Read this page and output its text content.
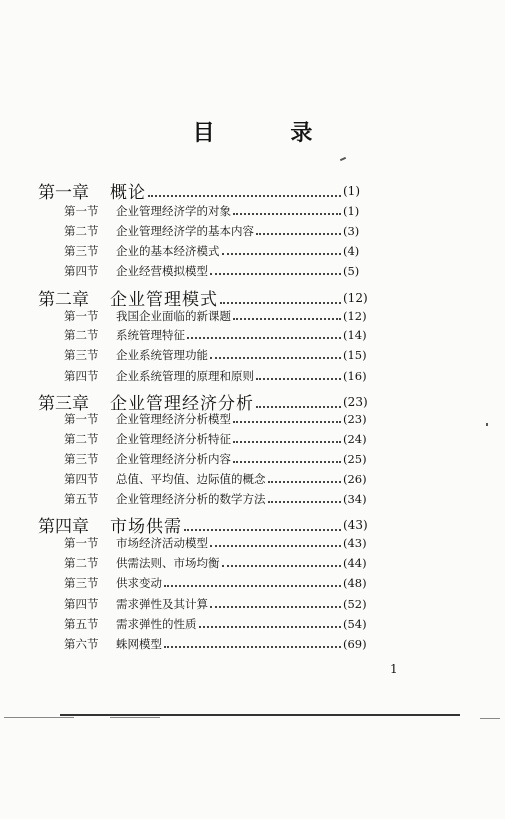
目 录
第一章	概论	(1)
第一节	企业管理经济学的对象	(1)
第二节	企业管理经济学的基本内容	(3)
第三节	企业的基本经济模式	(4)
第四节	企业经营模拟模型	(5)
第二章	企业管理模式	(12)
第一节	我国企业面临的新课题	(12)
第二节	系统管理特征	(14)
第三节	企业系统管理功能	(15)
第四节	企业系统管理的原理和原则	(16)
第三章	企业管理经济分析	(23)
第一节	企业管理经济分析模型	(23)
第二节	企业管理经济分析特征	(24)
第三节	企业管理经济分析内容	(25)
第四节	总值、平均值、边际值的概念	(26)
第五节	企业管理经济分析的数学方法	(34)
第四章	市场供需	(43)
第一节	市场经济活动模型	(43)
第二节	供需法则、市场均衡	(44)
第三节	供求变动	(48)
第四节	需求弹性及其计算	(52)
第五节	需求弹性的性质	(54)
第六节	蛛网模型	(69)
1
